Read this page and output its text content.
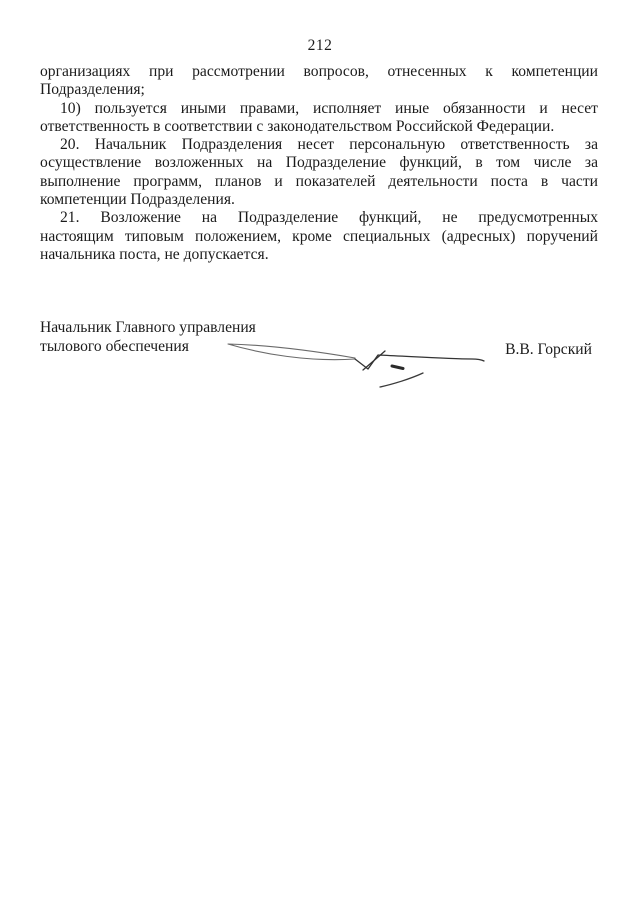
212
организациях при рассмотрении вопросов, отнесенных к компетенции
Подразделения;
10) пользуется иными правами, исполняет иные обязанности и несет
ответственность в соответствии с законодательством Российской Федерации.
20. Начальник Подразделения несет персональную ответственность за
осуществление возложенных на Подразделение функций, в том числе за
выполнение программ, планов и показателей деятельности поста в части
компетенции Подразделения.
21. Возложение на Подразделение функций, не предусмотренных
настоящим типовым положением, кроме специальных (адресных) поручений
начальника поста, не допускается.
Начальник Главного управления
тылового обеспечения	В.В. Горский
